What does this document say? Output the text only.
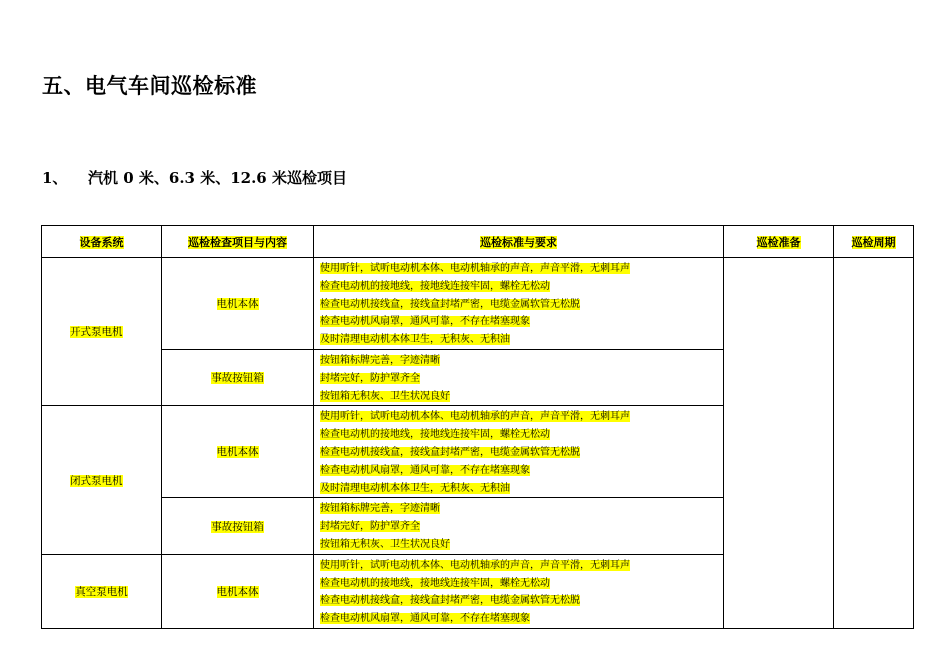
五、电气车间巡检标准
1、 汽机 0 米、6.3 米、12.6 米巡检项目
设备系统	巡检检查项目与内容	巡检标准与要求	巡检准备	巡检周期
开式泵电机	电机本体	使用听针，试听电动机本体、电动机轴承的声音，声音平滑，无刺耳声
检查电动机的接地线，接地线连接牢固，螺栓无松动
检查电动机接线盒，接线盒封堵严密，电缆金属软管无松脱
检查电动机风扇罩，通风可靠，不存在堵塞现象
及时清理电动机本体卫生，无积灰、无积油		

	事故按钮箱	按钮箱标牌完善，字迹清晰
封堵完好，防护罩齐全
按钮箱无积灰、卫生状况良好		

闭式泵电机	电机本体	使用听针，试听电动机本体、电动机轴承的声音，声音平滑，无刺耳声
检查电动机的接地线，接地线连接牢固，螺栓无松动
检查电动机接线盒，接线盒封堵严密，电缆金属软管无松脱
检查电动机风扇罩，通风可靠，不存在堵塞现象
及时清理电动机本体卫生，无积灰、无积油		

	事故按钮箱	按钮箱标牌完善，字迹清晰
封堵完好，防护罩齐全
按钮箱无积灰、卫生状况良好		

真空泵电机	电机本体	使用听针，试听电动机本体、电动机轴承的声音，声音平滑，无刺耳声
检查电动机的接地线，接地线连接牢固，螺栓无松动
检查电动机接线盒，接线盒封堵严密，电缆金属软管无松脱
检查电动机风扇罩，通风可靠，不存在堵塞现象		
